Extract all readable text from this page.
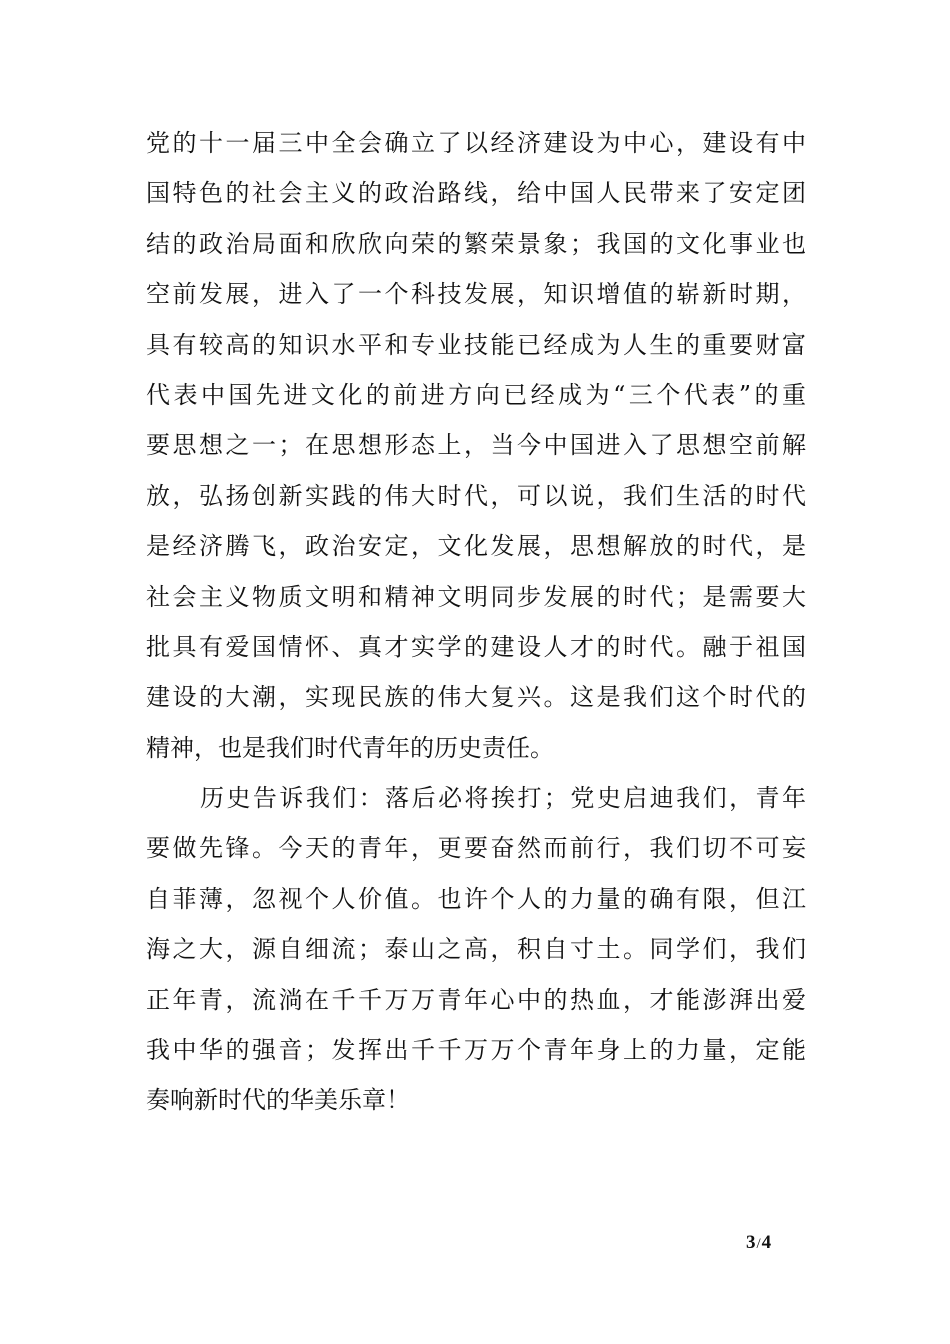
党的十一届三中全会确立了以经济建设为中心，建设有中
国特色的社会主义的政治路线，给中国人民带来了安定团
结的政治局面和欣欣向荣的繁荣景象；我国的文化事业也
空前发展，进入了一个科技发展，知识增值的崭新时期，
具有较高的知识水平和专业技能已经成为人生的重要财富
代表中国先进文化的前进方向已经成为“三个代表”的重
要思想之一；在思想形态上，当今中国进入了思想空前解
放，弘扬创新实践的伟大时代，可以说，我们生活的时代
是经济腾飞，政治安定，文化发展，思想解放的时代，是
社会主义物质文明和精神文明同步发展的时代；是需要大
批具有爱国情怀、真才实学的建设人才的时代。融于祖国
建设的大潮，实现民族的伟大复兴。这是我们这个时代的
精神，也是我们时代青年的历史责任。
历史告诉我们：落后必将挨打；党史启迪我们，青年
要做先锋。今天的青年，更要奋然而前行，我们切不可妄
自菲薄，忽视个人价值。也许个人的力量的确有限，但江
海之大，源自细流；泰山之高，积自寸土。同学们，我们
正年青，流淌在千千万万青年心中的热血，才能澎湃出爱
我中华的强音；发挥出千千万万个青年身上的力量，定能
奏响新时代的华美乐章！
3/4
